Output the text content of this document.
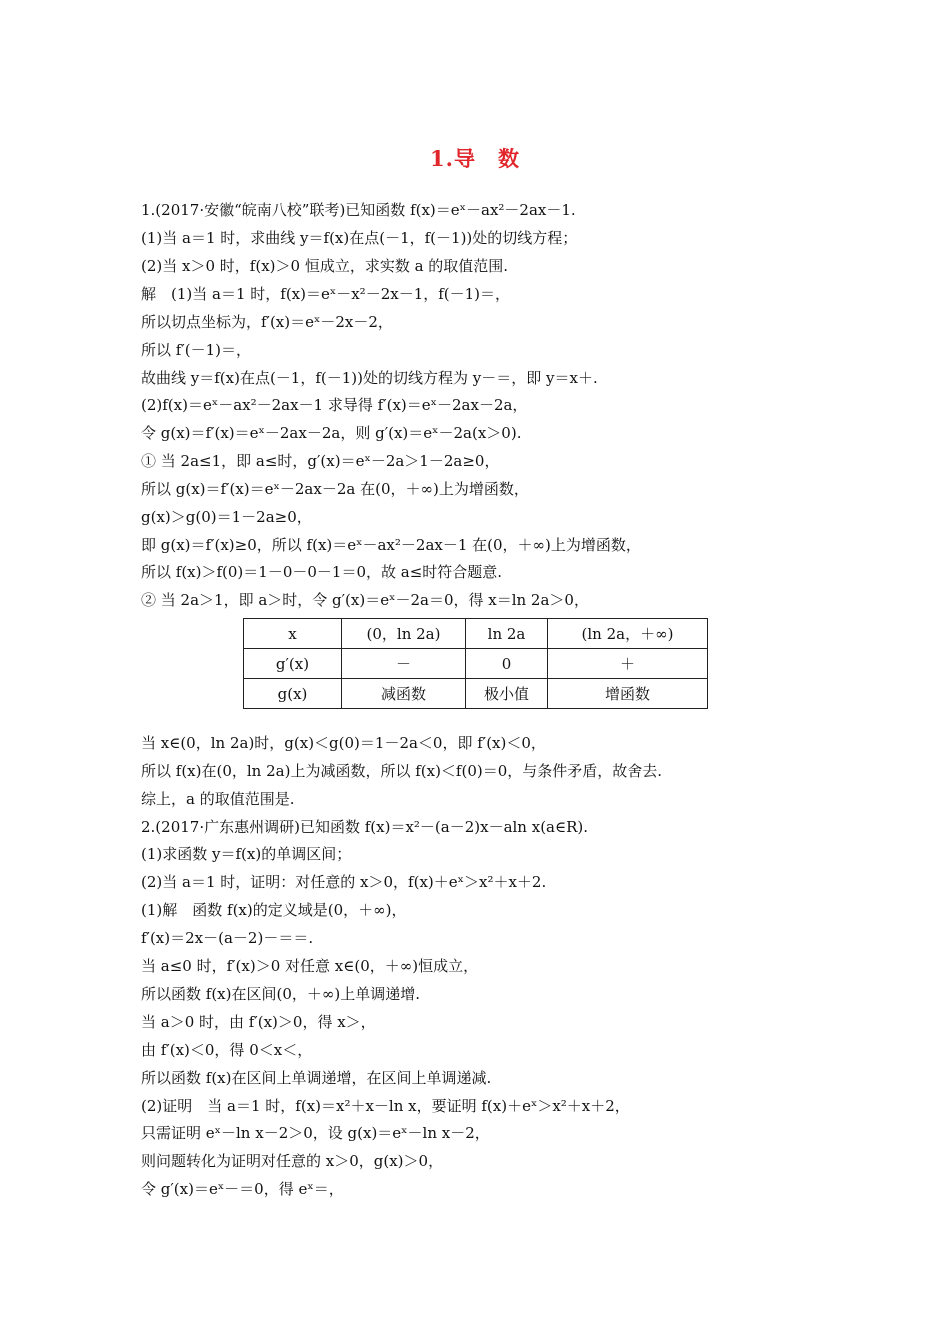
1.导　数
1.(2017·安徽“皖南八校”联考)已知函数 f(x)＝eˣ－ax²－2ax－1.
(1)当 a＝1 时，求曲线 y＝f(x)在点(－1，f(－1))处的切线方程；
(2)当 x＞0 时，f(x)＞0 恒成立，求实数 a 的取值范围.
解　(1)当 a＝1 时，f(x)＝eˣ－x²－2x－1，f(－1)＝，
所以切点坐标为，f′(x)＝eˣ－2x－2，
所以 f′(－1)＝，
故曲线 y＝f(x)在点(－1，f(－1))处的切线方程为 y－＝，即 y＝x＋.
(2)f(x)＝eˣ－ax²－2ax－1 求导得 f′(x)＝eˣ－2ax－2a，
令 g(x)＝f′(x)＝eˣ－2ax－2a，则 g′(x)＝eˣ－2a(x＞0).
① 当 2a≤1，即 a≤时，g′(x)＝eˣ－2a＞1－2a≥0，
所以 g(x)＝f′(x)＝eˣ－2ax－2a 在(0，＋∞)上为增函数，
g(x)＞g(0)＝1－2a≥0，
即 g(x)＝f′(x)≥0，所以 f(x)＝eˣ－ax²－2ax－1 在(0，＋∞)上为增函数，
所以 f(x)＞f(0)＝1－0－0－1＝0，故 a≤时符合题意.
② 当 2a＞1，即 a＞时，令 g′(x)＝eˣ－2a＝0，得 x＝ln 2a＞0，
x	(0，ln 2a)	ln 2a	(ln 2a，＋∞)
g′(x)	－	0	＋
g(x)	减函数	极小值	增函数
当 x∈(0，ln 2a)时，g(x)＜g(0)＝1－2a＜0，即 f′(x)＜0，
所以 f(x)在(0，ln 2a)上为减函数，所以 f(x)＜f(0)＝0，与条件矛盾，故舍去.
综上，a 的取值范围是.
2.(2017·广东惠州调研)已知函数 f(x)＝x²－(a－2)x－aln x(a∈R).
(1)求函数 y＝f(x)的单调区间；
(2)当 a＝1 时，证明：对任意的 x＞0，f(x)＋eˣ＞x²＋x＋2.
(1)解　函数 f(x)的定义域是(0，＋∞)，
f′(x)＝2x－(a－2)－＝＝.
当 a≤0 时，f′(x)＞0 对任意 x∈(0，＋∞)恒成立，
所以函数 f(x)在区间(0，＋∞)上单调递增.
当 a＞0 时，由 f′(x)＞0，得 x＞，
由 f′(x)＜0，得 0＜x＜，
所以函数 f(x)在区间上单调递增，在区间上单调递减.
(2)证明　当 a＝1 时，f(x)＝x²＋x－ln x，要证明 f(x)＋eˣ＞x²＋x＋2，
只需证明 eˣ－ln x－2＞0，设 g(x)＝eˣ－ln x－2，
则问题转化为证明对任意的 x＞0，g(x)＞0，
令 g′(x)＝eˣ－＝0，得 eˣ＝，
